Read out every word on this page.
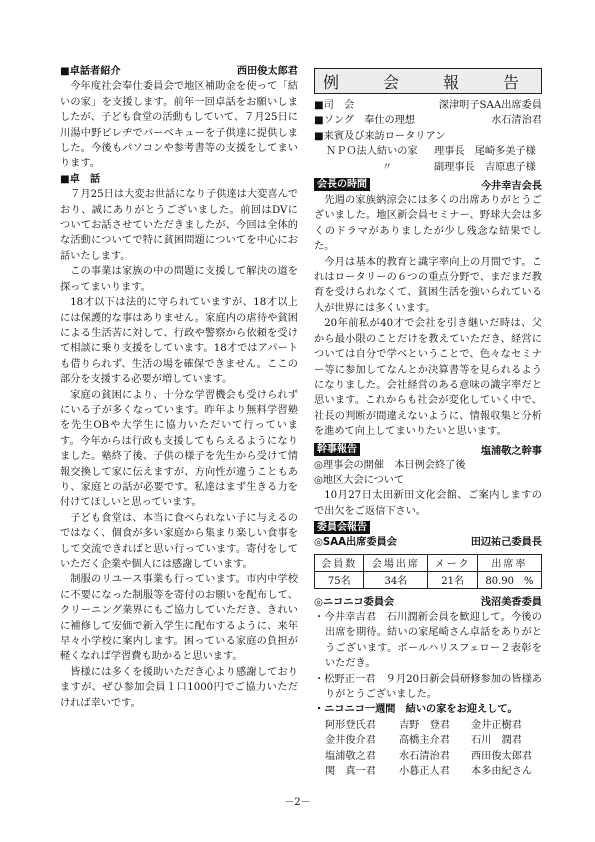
■卓話者紹介	西田俊太郎君

今年度社会奉仕委員会で地区補助金を使って「結いの家」を支援します。前年一回卓話をお願いしましたが、子ども食堂の活動もしていて、７月25日に川湯中野ビレヂでバーベキューを子供達に提供しました。今後もパソコンや参考書等の支援をしてまいります。

■卓　話

７月25日は大変お世話になり子供達は大変喜んでおり、誠にありがとうございました。前回はDVについてお話させていただきましたが、今回は全体的な活動についてで特に貧困問題についてを中心にお話いたします。

この事業は家族の中の問題に支援して解決の道を探ってまいります。

18才以下は法的に守られていますが、18才以上には保護的な事はありません。家庭内の虐待や貧困による生活苦に対して、行政や警察から依頼を受けて相談に乗り支援をしています。18才ではアパートも借りられず、生活の場を確保できません。ここの部分を支援する必要が増しています。

家庭の貧困により、十分な学習機会も受けられずにいる子が多くなっています。昨年より無料学習塾を先生OBや大学生に協力いただいて行っています。今年からは行政も支援してもらえるようになりました。塾終了後、子供の様子を先生から受けて情報交換して家に伝えますが、方向性が違うこともあり、家庭との話が必要です。私達はまず生きる力を付けてほしいと思っています。

子ども食堂は、本当に食べられない子に与えるのではなく、個食が多い家庭から集まり楽しい食事をして交流できればと思い行っています。寄付をしていただく企業や個人には感謝しています。

制服のリユース事業も行っています。市内中学校に不要になった制服等を寄付のお願いを配布して、クリーニング業界にもご協力していただき、きれいに補修して安価で新入学生に配布するように、来年早々小学校に案内します。困っている家庭の負担が軽くなれば学習費も助かると思います。

皆様には多くを援助いただき心より感謝しておりますが、ぜひ参加会員１口1000円でご協力いただければ幸いです。

例　会　報　告
■司　会	深津明子SAA出席委員
■ソング　奉仕の理想	水石清治君
■来賓及び来訪ロータリアン
ＮＰＯ法人結いの家	理事長　 尾崎多美子様
〃	副理事長　 吉原恵子様
会長の時間	今井幸吉会長

先週の家族納涼会には多くの出席ありがとうございました。地区新会員セミナー、野球大会は多くのドラマがありましたが少し残念な結果でした。

今月は基本的教育と識字率向上の月間です。これはロータリーの６つの重点分野で、まだまだ教育を受けられなくて、貧困生活を強いられている人が世界には多くいます。

20年前私が40才で会社を引き継いだ時は、父から最小限のことだけを教えていただき、経営については自分で学べということで、色々なセミナー等に参加してなんとか決算書等を見られるようになりました。会社経営のある意味の識字率だと思います。これからも社会が変化していく中で、社長の判断が間違えないように、情報収集と分析を進めて向上してまいりたいと思います。

幹事報告	塩浦敬之幹事

◎理事会の開催　本日例会終了後

◎地区大会について

10月27日太田新田文化会館、ご案内しますので出欠をご返信下さい。

委員会報告
◎SAA出席委員会	田辺祐己委員長
会員数	会場出席	メーク	出席率
75名	34名	21名	80.90　%
◎ニコニコ委員会	浅沼美香委員

・今井幸吉君　石川潤新会員を歓迎して。今後の出席を期待。結いの家尾崎さん卓話をありがとうございます。ボールハリスフェロー２表彰をいただき。

・松野正一君　９月20日新会員研修参加の皆様ありがとうございました。

・ニコニコ一週間　結いの家をお迎えして。

阿形登氏君	吉野　登君	金井正樹君
金井俊介君	高橋主介君	石川　潤君
塩浦敬之君	水石清治君	西田俊太郎君
関　真一君	小暮正人君	本多由紀さん
－2－
